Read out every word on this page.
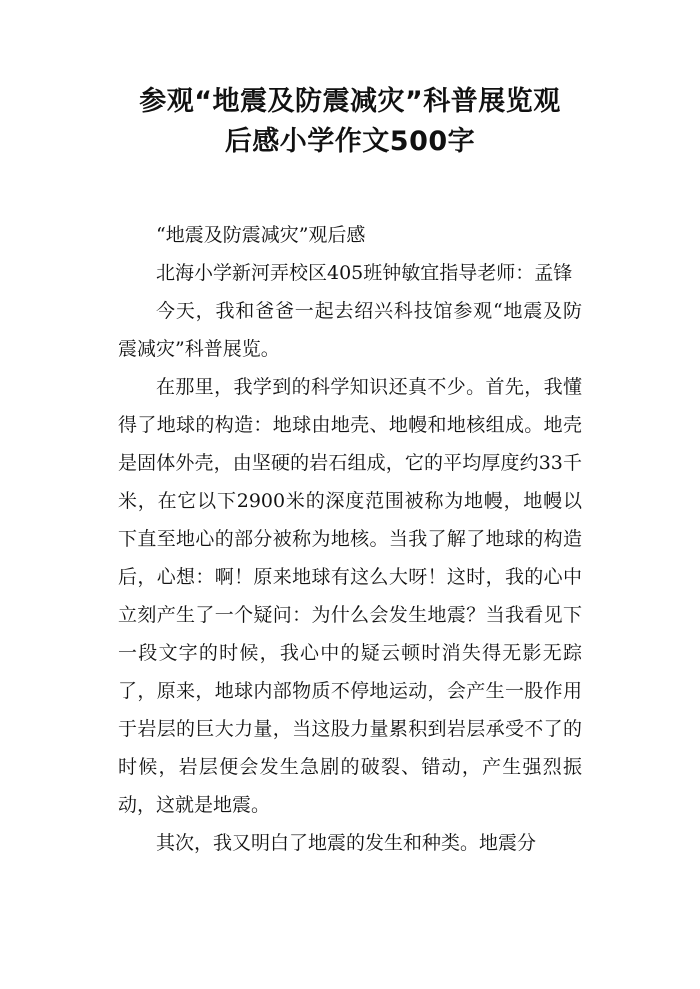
参观“地震及防震减灾”科普展览观
后感小学作文500字

“地震及防震减灾”观后感

北海小学新河弄校区405班钟敏宜指导老师：孟锋

今天，我和爸爸一起去绍兴科技馆参观“地震及防震减灾”科普展览。

在那里，我学到的科学知识还真不少。首先，我懂得了地球的构造：地球由地壳、地幔和地核组成。地壳是固体外壳，由坚硬的岩石组成，它的平均厚度约33千米，在它以下2900米的深度范围被称为地幔，地幔以下直至地心的部分被称为地核。当我了解了地球的构造后，心想：啊！原来地球有这么大呀！这时，我的心中立刻产生了一个疑问：为什么会发生地震？当我看见下一段文字的时候，我心中的疑云顿时消失得无影无踪了，原来，地球内部物质不停地运动，会产生一股作用于岩层的巨大力量，当这股力量累积到岩层承受不了的时候，岩层便会发生急剧的破裂、错动，产生强烈振动，这就是地震。

其次，我又明白了地震的发生和种类。地震分
